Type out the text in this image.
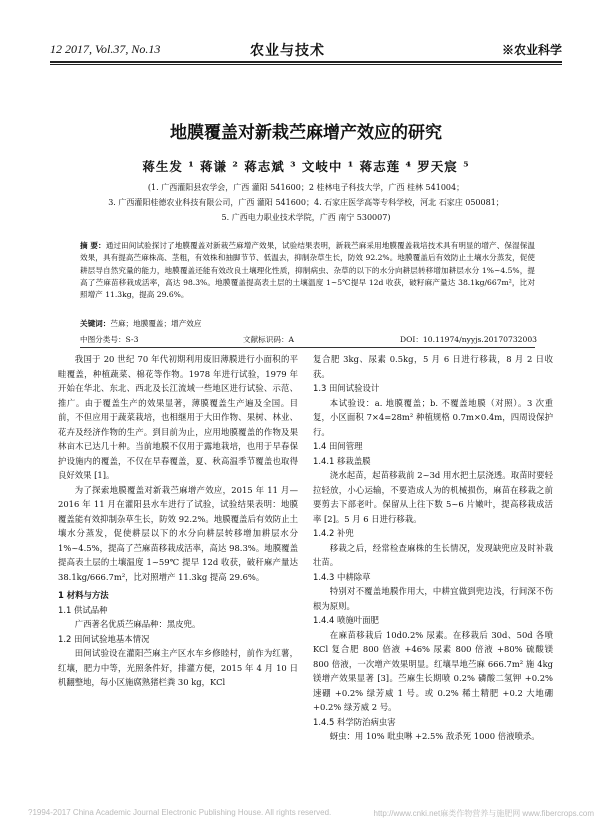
12 2017, Vol.37, No.13	农业与技术	※农业科学
地膜覆盖对新栽苎麻增产效应的研究
蒋生发 ¹ 蒋谦 ² 蒋志斌 ³ 文岐中 ¹ 蒋志莲 ⁴ 罗天宸 ⁵
(1. 广西灌阳县农学会，广西 灌阳 541600；2 桂林电子科技大学，广西 桂林 541004；
3. 广西灌阳桂德农业科技有限公司，广西 灌阳 541600；4. 石家庄医学高等专科学校，河北 石家庄 050081；
5. 广西电力职业技术学院，广西 南宁 530007)
摘 要：通过田间试验探讨了地膜覆盖对新栽苎麻增产效果，试验结果表明，新栽苎麻采用地膜覆盖栽培技术具有明显的增产、保湿保温效果，具有提高苎麻株高、茎粗，有效株和抽脚节节、低温去，抑制杂草生长，防效 92.2%。地膜覆盖后有效防止土壤水分蒸发，促使耕层导自然究量的能力，地膜覆盖还能有效改良土壤理化性质，抑制病虫、杂草的以下的水分向耕层转移增加耕层水分 1%~4.5%，提高了苎麻苗移栽成活率，高达 98.3%。地膜覆盖提高表土层的土壤温度 1~5℃提早 12d 收获，破籽麻产量达 38.1kg/667m²，比对照增产 11.3kg，提高 29.6%。
关键词：苎麻；地膜覆盖；增产效应
中图分类号：S-3	文献标识码：A	DOI：10.11974/nyyjs.20170732003

我国于 20 世纪 70 年代初期利用废旧薄膜进行小面积的平畦覆盖，种植蔬菜、棉花等作物。1978 年进行试验，1979 年开始在华北、东北、西北及长江流域一些地区进行试验、示范、推广。由于覆盖生产的效果显著，薄膜覆盖生产遍及全国。目前，不但应用于蔬菜栽培，也相继用于大田作物、果树、林业、花卉及经济作物的生产。到目前为止，应用地膜覆盖的作物及果林亩木已达几十种。当前地膜不仅用于露地栽培，也用于早春保护设施内的覆盖，不仅在早春覆盖，夏、秋高温季节覆盖也取得良好效果 [1]。

为了探索地膜覆盖对新栽苎麻增产效应，2015 年 11 月—2016 年 11 月在灌阳县水车进行了试验，试验结果表明：地膜覆盖能有效抑制杂草生长，防效 92.2%。地膜覆盖后有效防止土壤水分蒸发，促使耕层以下的水分向耕层转移增加耕层水分 1%~4.5%，提高了苎麻苗移栽成活率，高达 98.3%。地膜覆盖提高表土层的土壤温度 1~59℃ 提早 12d 收获，破秆麻产量达 38.1kg/666.7m²，比对照增产 11.3kg 提高 29.6%。

1 材料与方法

1.1 供试品种

广西著名优质苎麻品种：黑皮兜。

1.2 田间试验地基本情况

田间试验设在灌阳苎麻主产区水车乡修睦村，前作为红薯，红壤，肥力中等，光照条件好，排灌方便，2015 年 4 月 10 日机翻整地，每小区施腐熟猪栏粪 30 kg，KCl

复合肥 3kg、尿素 0.5kg，5 月 6 日进行移栽，8 月 2 日收获。

1.3 田间试验设计

本试验设：a. 地膜覆盖；b. 不覆盖地膜（对照）。3 次重复，小区面积 7×4=28m² 种植规格 0.7m×0.4m，四周设保护行。

1.4 田间管理

1.4.1 移栽盖膜

浇水起苗，起苗移栽前 2~3d 用水把土层浇透。取苗时要轻拉轻放，小心运输，不要造成人为的机械损伤，麻苗在移栽之前要剪去下部老叶。保留从上往下数 5~6 片嫩叶，提高移栽成活率 [2]。5 月 6 日进行移栽。

1.4.2 补兜

移栽之后，经常检查麻株的生长情况，发现缺兜应及时补栽壮苗。

1.4.3 中耕除草

特别对不覆盖地膜作用大，中耕宜做到兜边浅，行间深不伤根为原则。

1.4.4 喷施叶面肥

在麻苗移栽后 10d0.2% 尿素。在移栽后 30d、50d 各喷 KCl 复合肥 800 倍液 +46% 尿素 800 倍液 +80% 硫酸镁 800 倍液，一次增产效果明显。红壤旱地苎麻 666.7m² 施 4kg 镁增产效果显著 [3]。苎麻生长期喷 0.2% 磷酸二氢钾 +0.2% 速硼 +0.2% 绿芳威 1 号。或 0.2% 稀土精肥 +0.2 大地硼 +0.2% 绿芳威 2 号。

1.4.5 科学防治病虫害

蚜虫：用 10% 吡虫啉 +2.5% 敌杀死 1000 倍液喷杀。

?1994-2017 China Academic Journal Electronic Publishing House. All rights reserved.	http://www.cnki.net麻类作物营养与施肥网 www.fibercrops.com
